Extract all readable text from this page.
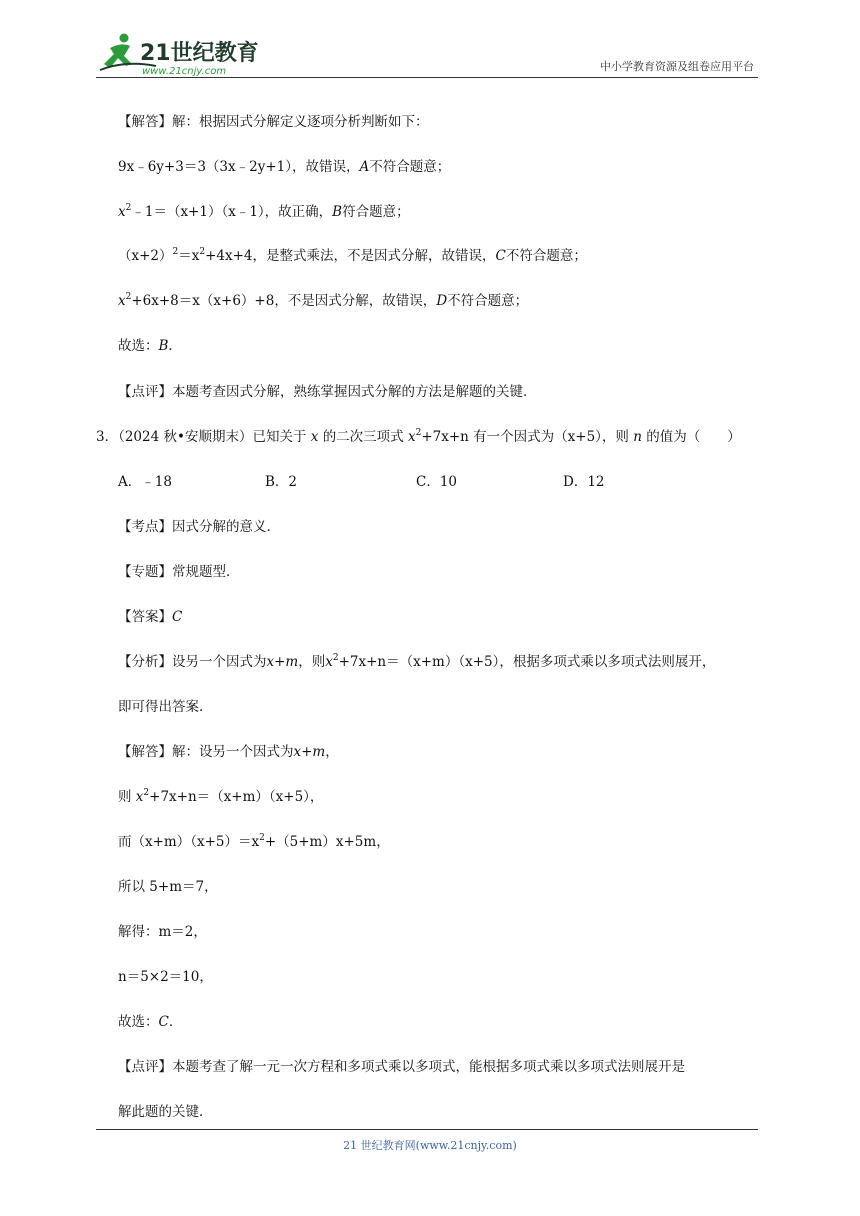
21世纪教育
www.21cnjy.com	中小学教育资源及组卷应用平台
【解答】解：根据因式分解定义逐项分析判断如下：
9x﹣6y+3＝3（3x﹣2y+1），故错误，A不符合题意；
$x^2﹣1=(x+1)(x﹣1)$，故正确，B符合题意；
$(x+2)^2=x^2+4x+4$，是整式乘法，不是因式分解，故错误，C不符合题意；
$x^2+6x+8=x(x+6)+8$，不是因式分解，故错误，D不符合题意；
故选：B．
【点评】本题考查因式分解，熟练掌握因式分解的方法是解题的关键．
3．（2024 秋•安顺期末）已知关于 x 的二次三项式 $x^2+7x+n$ 有一个因式为（x+5），则 n 的值为（　　）
A．﹣18	B．2	C．10	D．12
【考点】因式分解的意义．
【专题】常规题型．
【答案】C
【分析】设另一个因式为x+m，则$x^2+7x+n=(x+m)(x+5)$，根据多项式乘以多项式法则展开，
即可得出答案．
【解答】解：设另一个因式为x+m，
则 $x^2+7x+n=(x+m)(x+5)$，
而$(x+m)(x+5)=x^2+(5+m)x+5m$，
所以 5+m＝7，
解得：m＝2，
n＝5×2＝10，
故选：C．
【点评】本题考查了解一元一次方程和多项式乘以多项式，能根据多项式乘以多项式法则展开是
解此题的关键．
21 世纪教育网(www.21cnjy.com)
